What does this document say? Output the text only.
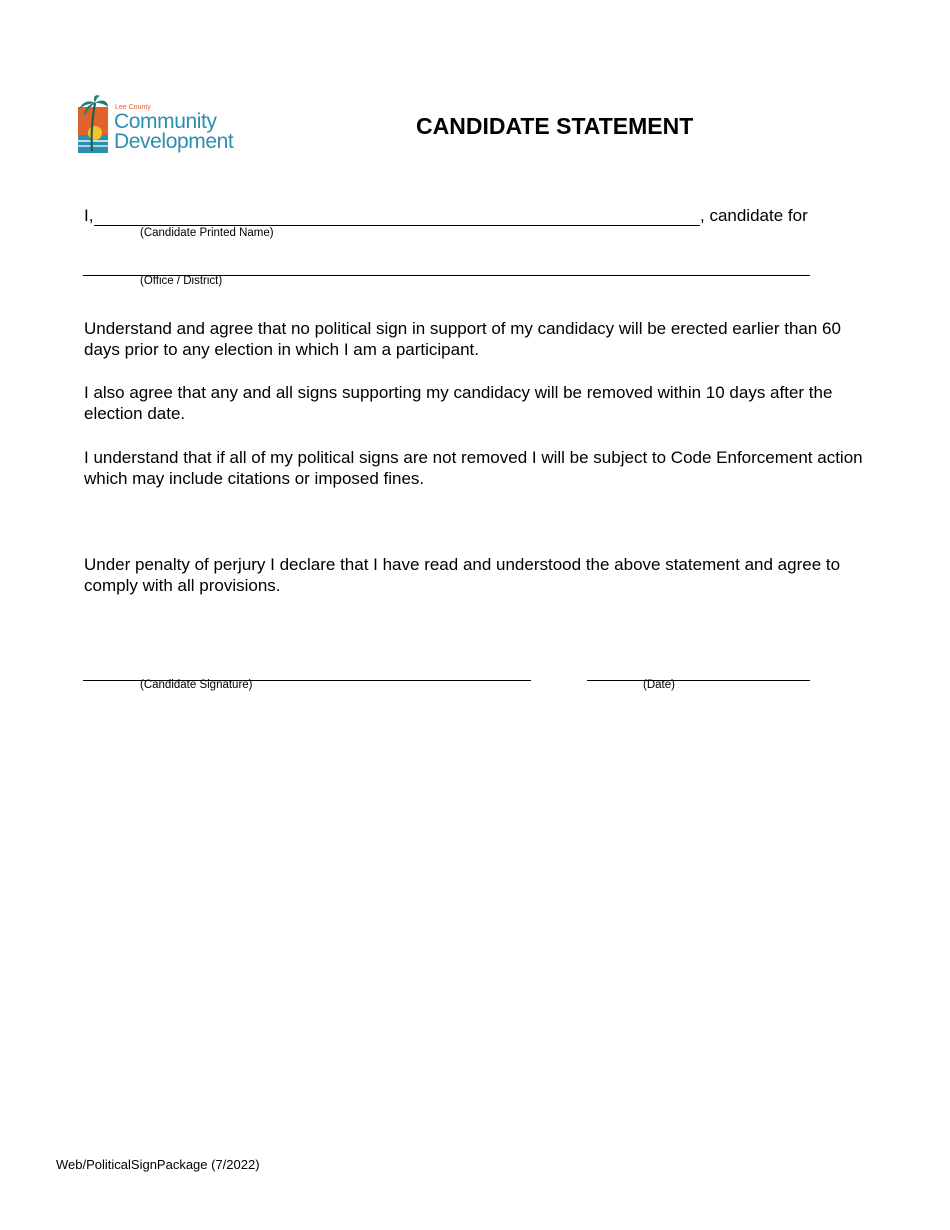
Lee County
Community
Development
CANDIDATE STATEMENT
I,	, candidate for
(Candidate Printed Name)
(Office / District)
Understand and agree that no political sign in support of my candidacy will be erected earlier than 60 days prior to any election in which I am a participant.
I also agree that any and all signs supporting my candidacy will be removed within 10 days after the election date.
I understand that if all of my political signs are not removed I will be subject to Code Enforcement action which may include citations or imposed fines.
Under penalty of perjury I declare that I have read and understood the above statement and agree to comply with all provisions.
(Candidate Signature)	(Date)
Web/PoliticalSignPackage (7/2022)
